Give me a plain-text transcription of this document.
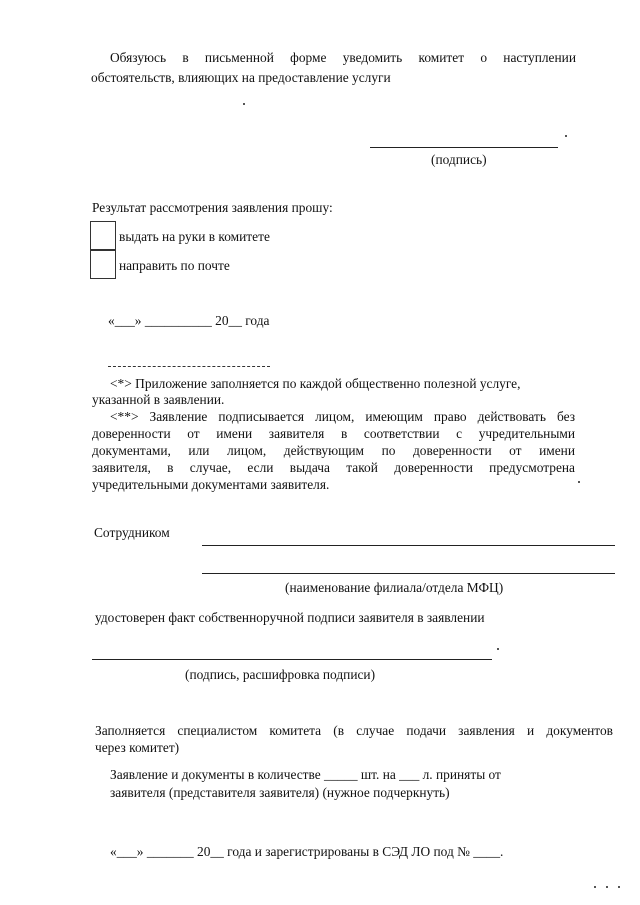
Обязуюсь в письменной форме уведомить комитет о наступлении
обстоятельств, влияющих на предоставление услуги
(подпись)
Результат рассмотрения заявления прошу:
выдать на руки в комитете
направить по почте
«___» __________ 20__ года
<*> Приложение заполняется по каждой общественно полезной услуге,
указанной в заявлении.
<**> Заявление подписывается лицом, имеющим право действовать без
доверенности от имени заявителя в соответствии с учредительными
документами, или лицом, действующим по доверенности от имени
заявителя, в случае, если выдача такой доверенности предусмотрена
учредительными документами заявителя.
Сотрудником
(наименование филиала/отдела МФЦ)
удостоверен факт собственноручной подписи заявителя в заявлении
(подпись, расшифровка подписи)
Заполняется специалистом комитета (в случае подачи заявления и документов
через комитет)
Заявление и документы в количестве _____ шт. на ___ л. приняты от
заявителя (представителя заявителя) (нужное подчеркнуть)
«___» _______ 20__ года и зарегистрированы в СЭД ЛО под № ____.
